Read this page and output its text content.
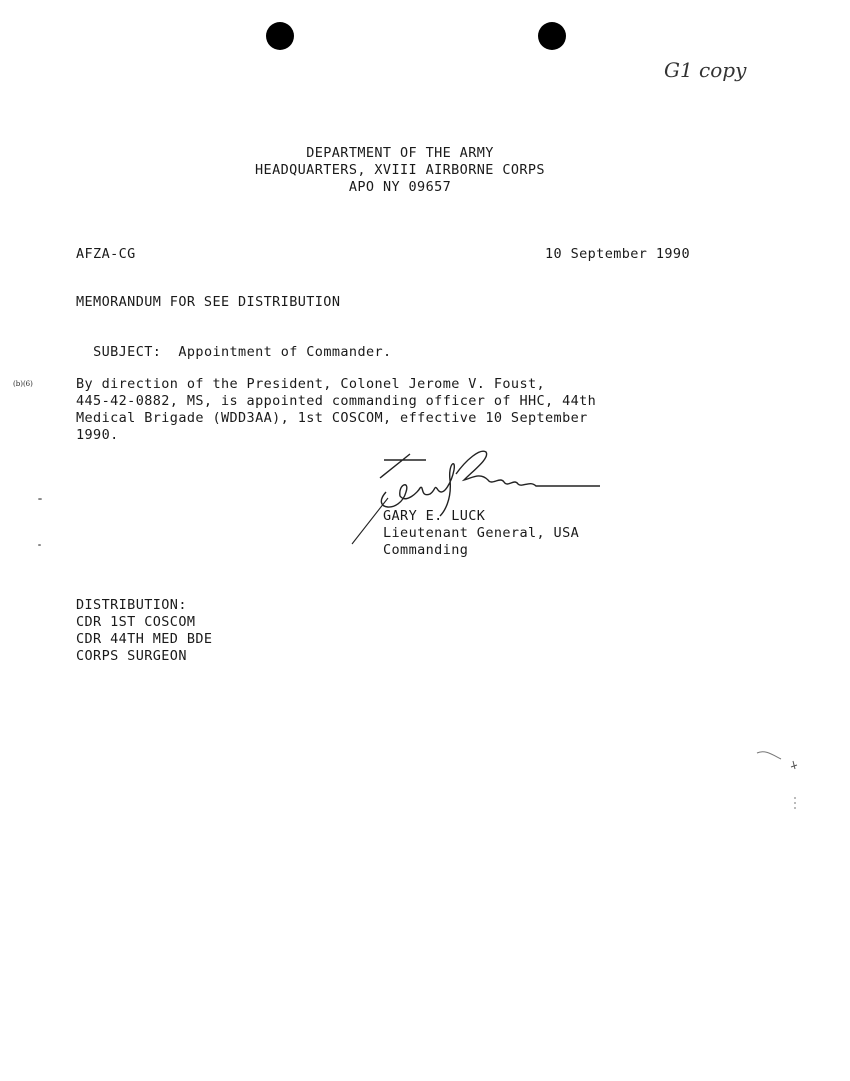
G1 copy
DEPARTMENT OF THE ARMY
HEADQUARTERS, XVIII AIRBORNE CORPS
APO NY 09657
AFZA-CG	10 September 1990
MEMORANDUM FOR SEE DISTRIBUTION

SUBJECT: Appointment of Commander.

(b)(6)	By direction of the President, Colonel Jerome V. Foust,
445-42-0882, MS, is appointed commanding officer of HHC, 44th
Medical Brigade (WDD3AA), 1st COSCOM, effective 10 September
1990.
GARY E. LUCK
Lieutenant General, USA
Commanding
DISTRIBUTION:
CDR 1ST COSCOM
CDR 44TH MED BDE
CORPS SURGEON
